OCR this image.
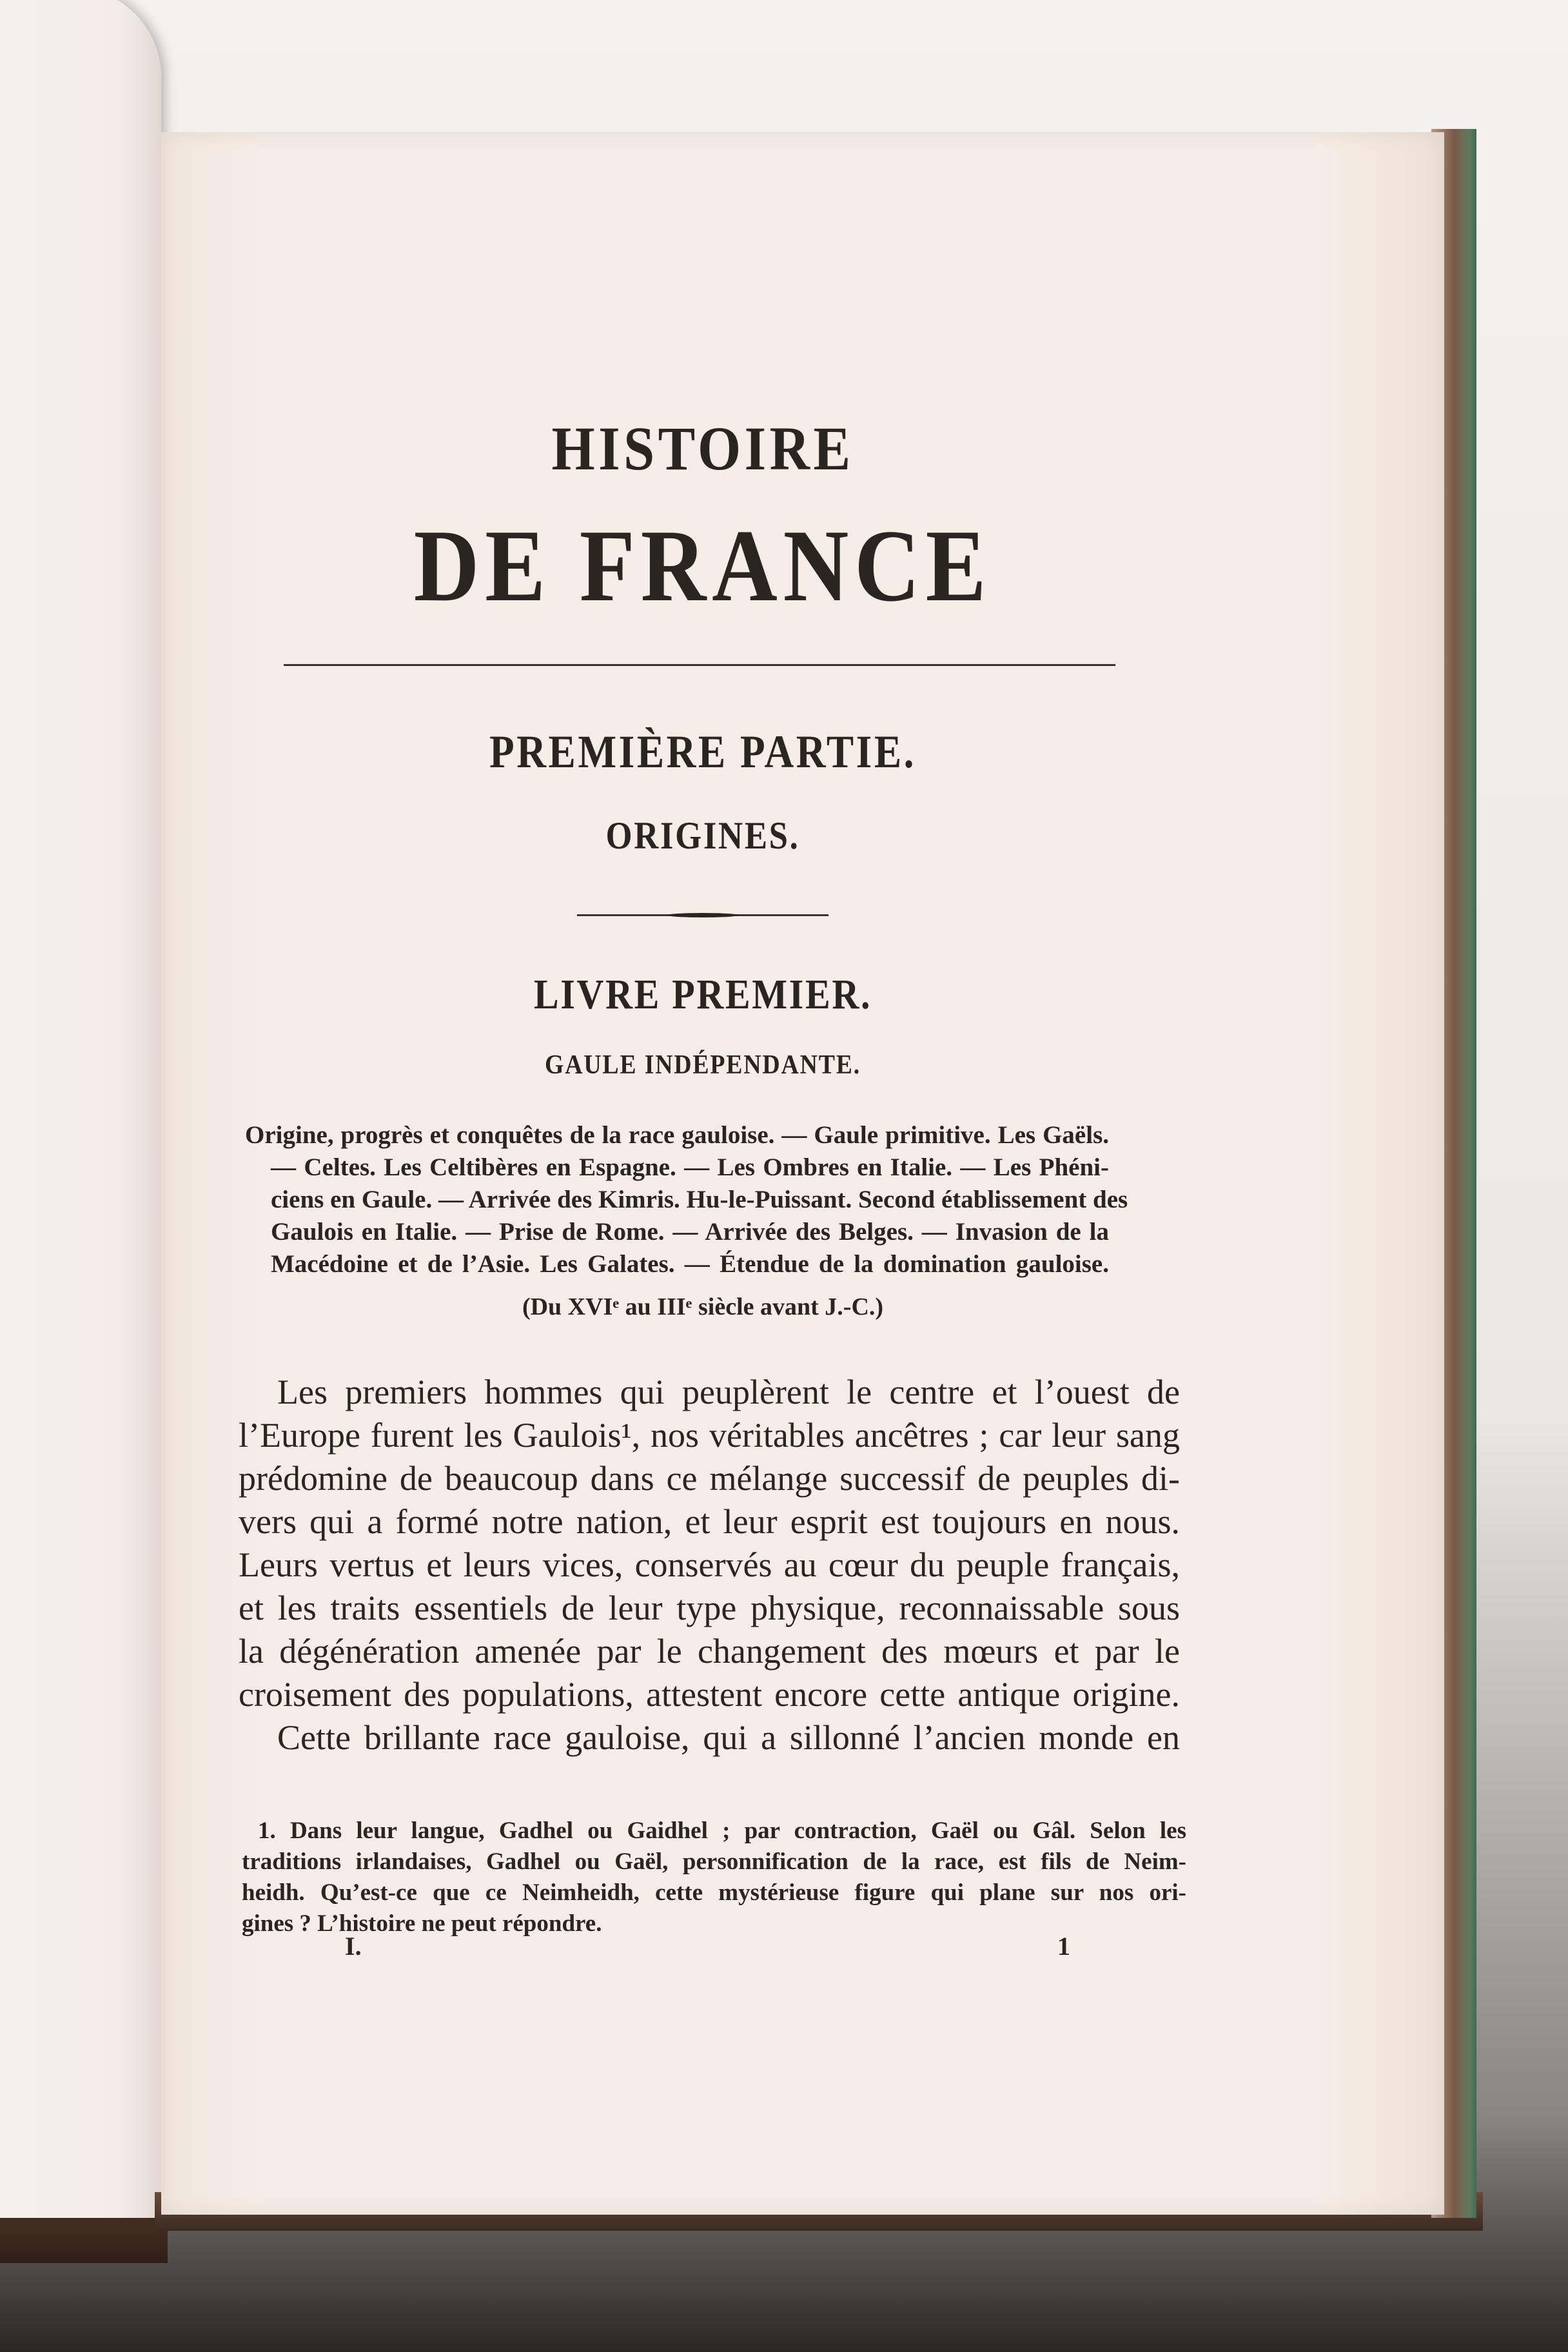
HISTOIRE
DE FRANCE
PREMIÈRE PARTIE.
ORIGINES.
LIVRE PREMIER.
GAULE INDÉPENDANTE.
Origine, progrès et conquêtes de la race gauloise. — Gaule primitive. Les Gaëls.
— Celtes. Les Celtibères en Espagne. — Les Ombres en Italie. — Les Phéni-
ciens en Gaule. — Arrivée des Kimris. Hu-le-Puissant. Second établissement des
Gaulois en Italie. — Prise de Rome. — Arrivée des Belges. — Invasion de la
Macédoine et de l’Asie. Les Galates. — Étendue de la domination gauloise.
(Du XVIᵉ au IIIᵉ siècle avant J.-C.)
Les premiers hommes qui peuplèrent le centre et l’ouest de
l’Europe furent les Gaulois¹, nos véritables ancêtres ; car leur sang
prédomine de beaucoup dans ce mélange successif de peuples di-
vers qui a formé notre nation, et leur esprit est toujours en nous.
Leurs vertus et leurs vices, conservés au cœur du peuple français,
et les traits essentiels de leur type physique, reconnaissable sous
la dégénération amenée par le changement des mœurs et par le
croisement des populations, attestent encore cette antique origine.
Cette brillante race gauloise, qui a sillonné l’ancien monde en
1. Dans leur langue, Gadhel ou Gaidhel ; par contraction, Gaël ou Gâl. Selon les
traditions irlandaises, Gadhel ou Gaël, personnification de la race, est fils de Neim-
heidh. Qu’est-ce que ce Neimheidh, cette mystérieuse figure qui plane sur nos ori-
gines ? L’histoire ne peut répondre.
I.	1
